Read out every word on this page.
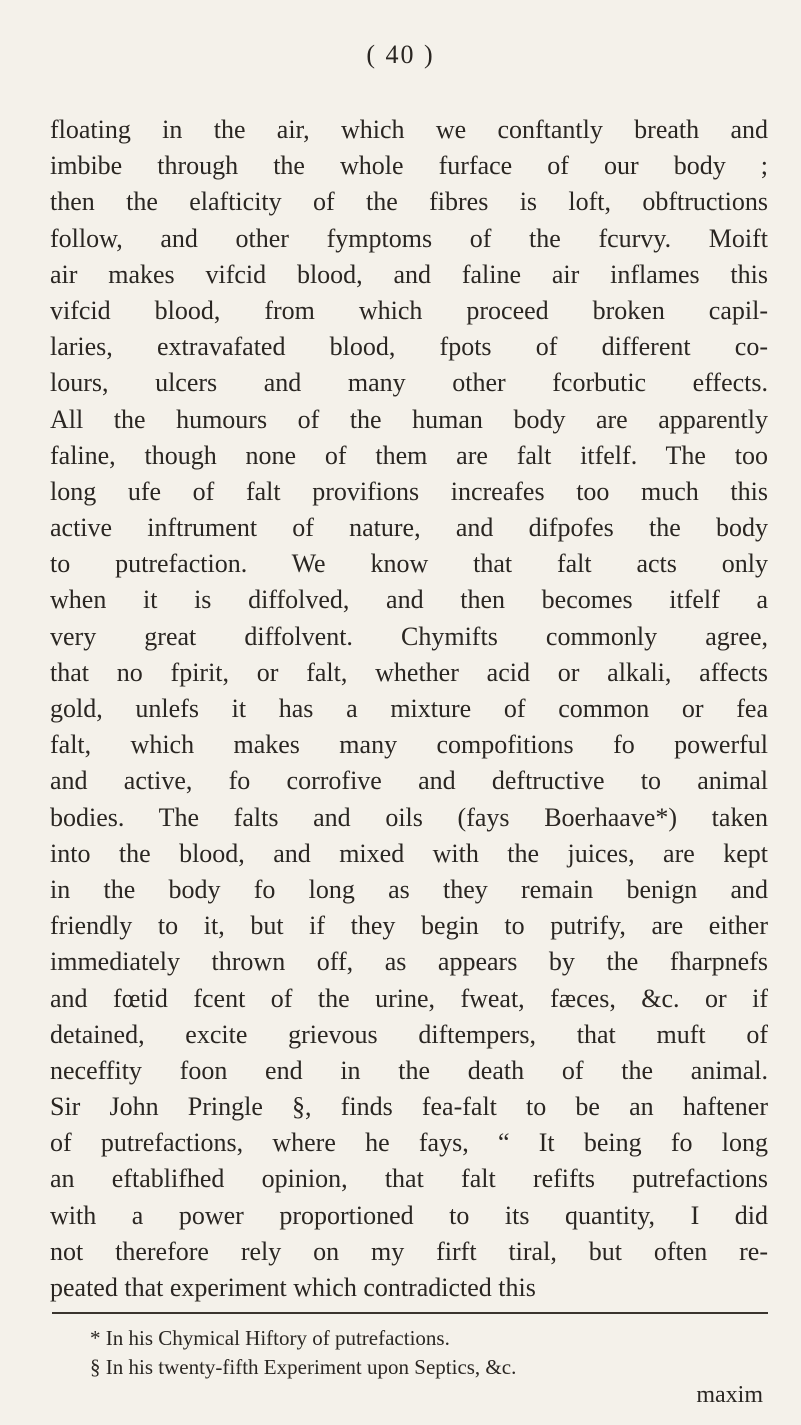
( 40 )
floating in the air, which we conftantly breath and
imbibe through the whole furface of our body ;
then the elafticity of the fibres is loft, obftructions
follow, and other fymptoms of the fcurvy. Moift
air makes vifcid blood, and faline air inflames this
vifcid blood, from which proceed broken capil-
laries, extravafated blood, fpots of different co-
lours, ulcers and many other fcorbutic effects.
All the humours of the human body are apparently
faline, though none of them are falt itfelf. The too
long ufe of falt provifions increafes too much this
active inftrument of nature, and difpofes the body
to putrefaction. We know that falt acts only
when it is diffolved, and then becomes itfelf a
very great diffolvent. Chymifts commonly agree,
that no fpirit, or falt, whether acid or alkali, affects
gold, unlefs it has a mixture of common or fea
falt, which makes many compofitions fo powerful
and active, fo corrofive and deftructive to animal
bodies. The falts and oils (fays Boerhaave*) taken
into the blood, and mixed with the juices, are kept
in the body fo long as they remain benign and
friendly to it, but if they begin to putrify, are either
immediately thrown off, as appears by the fharpnefs
and fœtid fcent of the urine, fweat, fæces, &c. or if
detained, excite grievous diftempers, that muft of
neceffity foon end in the death of the animal.
Sir John Pringle §, finds fea-falt to be an haftener
of putrefactions, where he fays, “ It being fo long
an eftablifhed opinion, that falt refifts putrefactions
with a power proportioned to its quantity, I did
not therefore rely on my firft tiral, but often re-
peated that experiment which contradicted this
* In his Chymical Hiftory of putrefactions.
§ In his twenty-fifth Experiment upon Septics, &c.
maxim
